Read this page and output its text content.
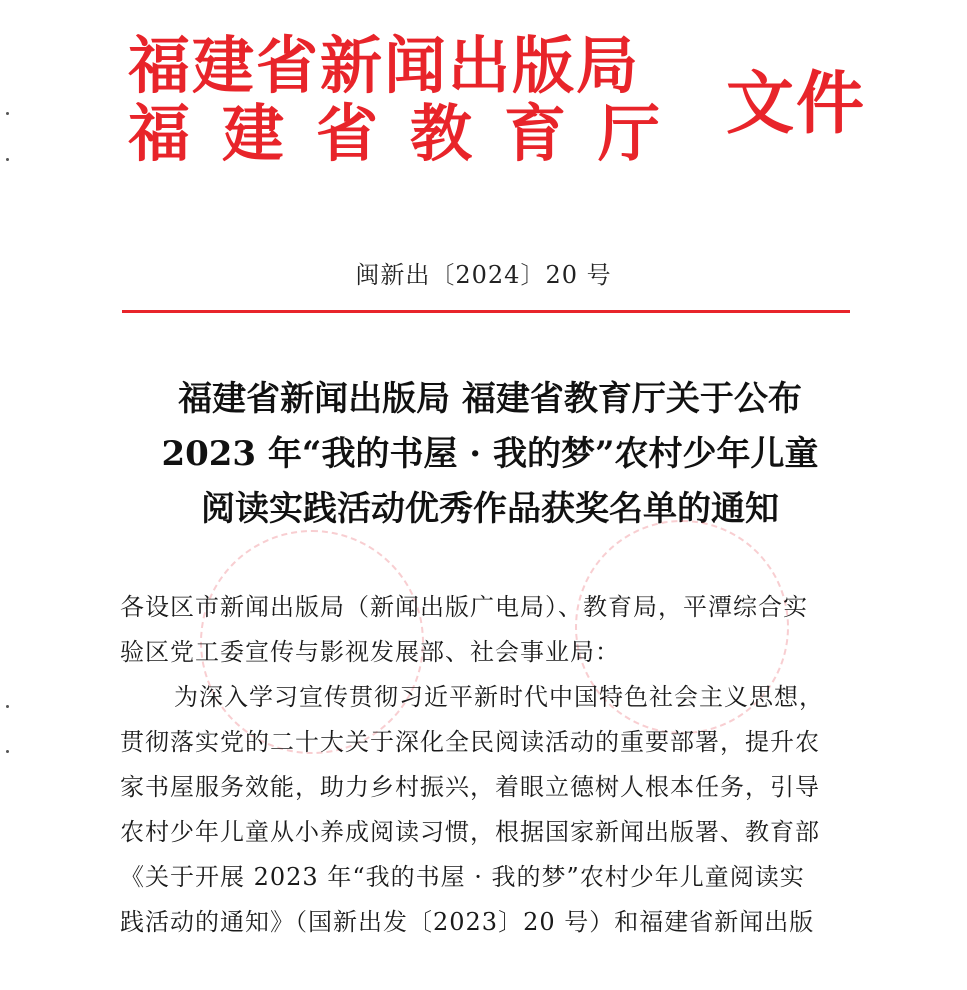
福建省新闻出版局
福建省教育厅 文件
闽新出〔2024〕20 号
福建省新闻出版局 福建省教育厅关于公布
2023 年“我的书屋 · 我的梦”农村少年儿童
阅读实践活动优秀作品获奖名单的通知

各设区市新闻出版局（新闻出版广电局）、教育局，平潭综合实

验区党工委宣传与影视发展部、社会事业局：

为深入学习宣传贯彻习近平新时代中国特色社会主义思想，

贯彻落实党的二十大关于深化全民阅读活动的重要部署，提升农

家书屋服务效能，助力乡村振兴，着眼立德树人根本任务，引导

农村少年儿童从小养成阅读习惯，根据国家新闻出版署、教育部

《关于开展 2023 年“我的书屋 · 我的梦”农村少年儿童阅读实

践活动的通知》（国新出发〔2023〕20 号）和福建省新闻出版
